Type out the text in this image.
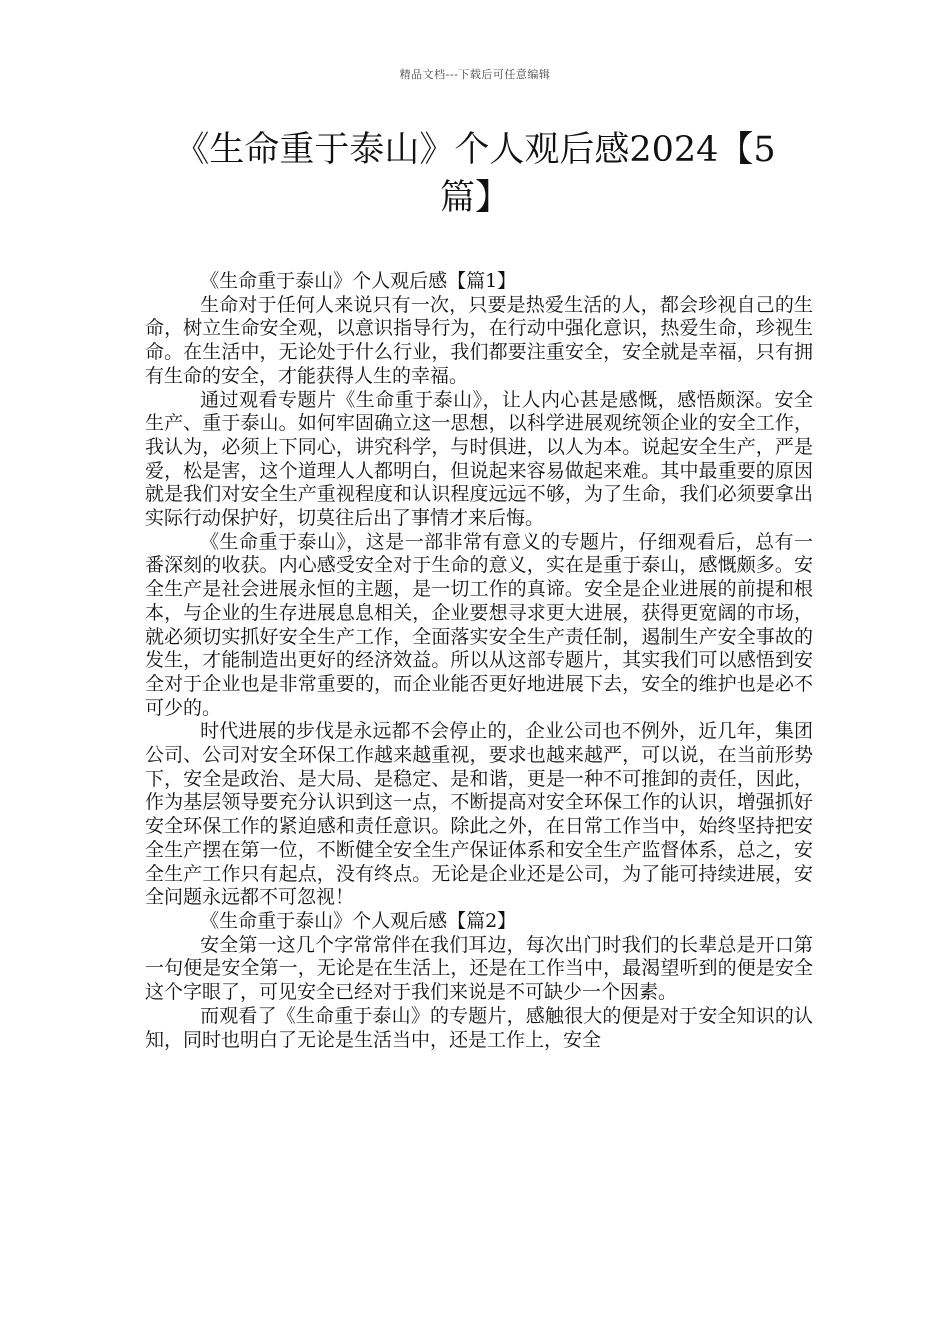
精品文档---下载后可任意编辑
《生命重于泰山》个人观后感2024【5篇】

《生命重于泰山》个人观后感【篇1】

生命对于任何人来说只有一次，只要是热爱生活的人，都会珍视自己的生命，树立生命安全观，以意识指导行为，在行动中强化意识，热爱生命，珍视生命。在生活中，无论处于什么行业，我们都要注重安全，安全就是幸福，只有拥有生命的安全，才能获得人生的幸福。

通过观看专题片《生命重于泰山》，让人内心甚是感慨，感悟颇深。安全生产、重于泰山。如何牢固确立这一思想，以科学进展观统领企业的安全工作，我认为，必须上下同心，讲究科学，与时俱进，以人为本。说起安全生产，严是爱，松是害，这个道理人人都明白，但说起来容易做起来难。其中最重要的原因就是我们对安全生产重视程度和认识程度远远不够，为了生命，我们必须要拿出实际行动保护好，切莫往后出了事情才来后悔。

《生命重于泰山》，这是一部非常有意义的专题片，仔细观看后，总有一番深刻的收获。内心感受安全对于生命的意义，实在是重于泰山，感慨颇多。安全生产是社会进展永恒的主题，是一切工作的真谛。安全是企业进展的前提和根本，与企业的生存进展息息相关，企业要想寻求更大进展，获得更宽阔的市场，就必须切实抓好安全生产工作，全面落实安全生产责任制，遏制生产安全事故的发生，才能制造出更好的经济效益。所以从这部专题片，其实我们可以感悟到安全对于企业也是非常重要的，而企业能否更好地进展下去，安全的维护也是必不可少的。

时代进展的步伐是永远都不会停止的，企业公司也不例外，近几年，集团公司、公司对安全环保工作越来越重视，要求也越来越严，可以说，在当前形势下，安全是政治、是大局、是稳定、是和谐，更是一种不可推卸的责任，因此，作为基层领导要充分认识到这一点，不断提高对安全环保工作的认识，增强抓好安全环保工作的紧迫感和责任意识。除此之外，在日常工作当中，始终坚持把安全生产摆在第一位，不断健全安全生产保证体系和安全生产监督体系，总之，安全生产工作只有起点，没有终点。无论是企业还是公司，为了能可持续进展，安全问题永远都不可忽视！

《生命重于泰山》个人观后感【篇2】

安全第一这几个字常常伴在我们耳边，每次出门时我们的长辈总是开口第一句便是安全第一，无论是在生活上，还是在工作当中，最渴望听到的便是安全这个字眼了，可见安全已经对于我们来说是不可缺少一个因素。

而观看了《生命重于泰山》的专题片，感触很大的便是对于安全知识的认知，同时也明白了无论是生活当中，还是工作上，安全
